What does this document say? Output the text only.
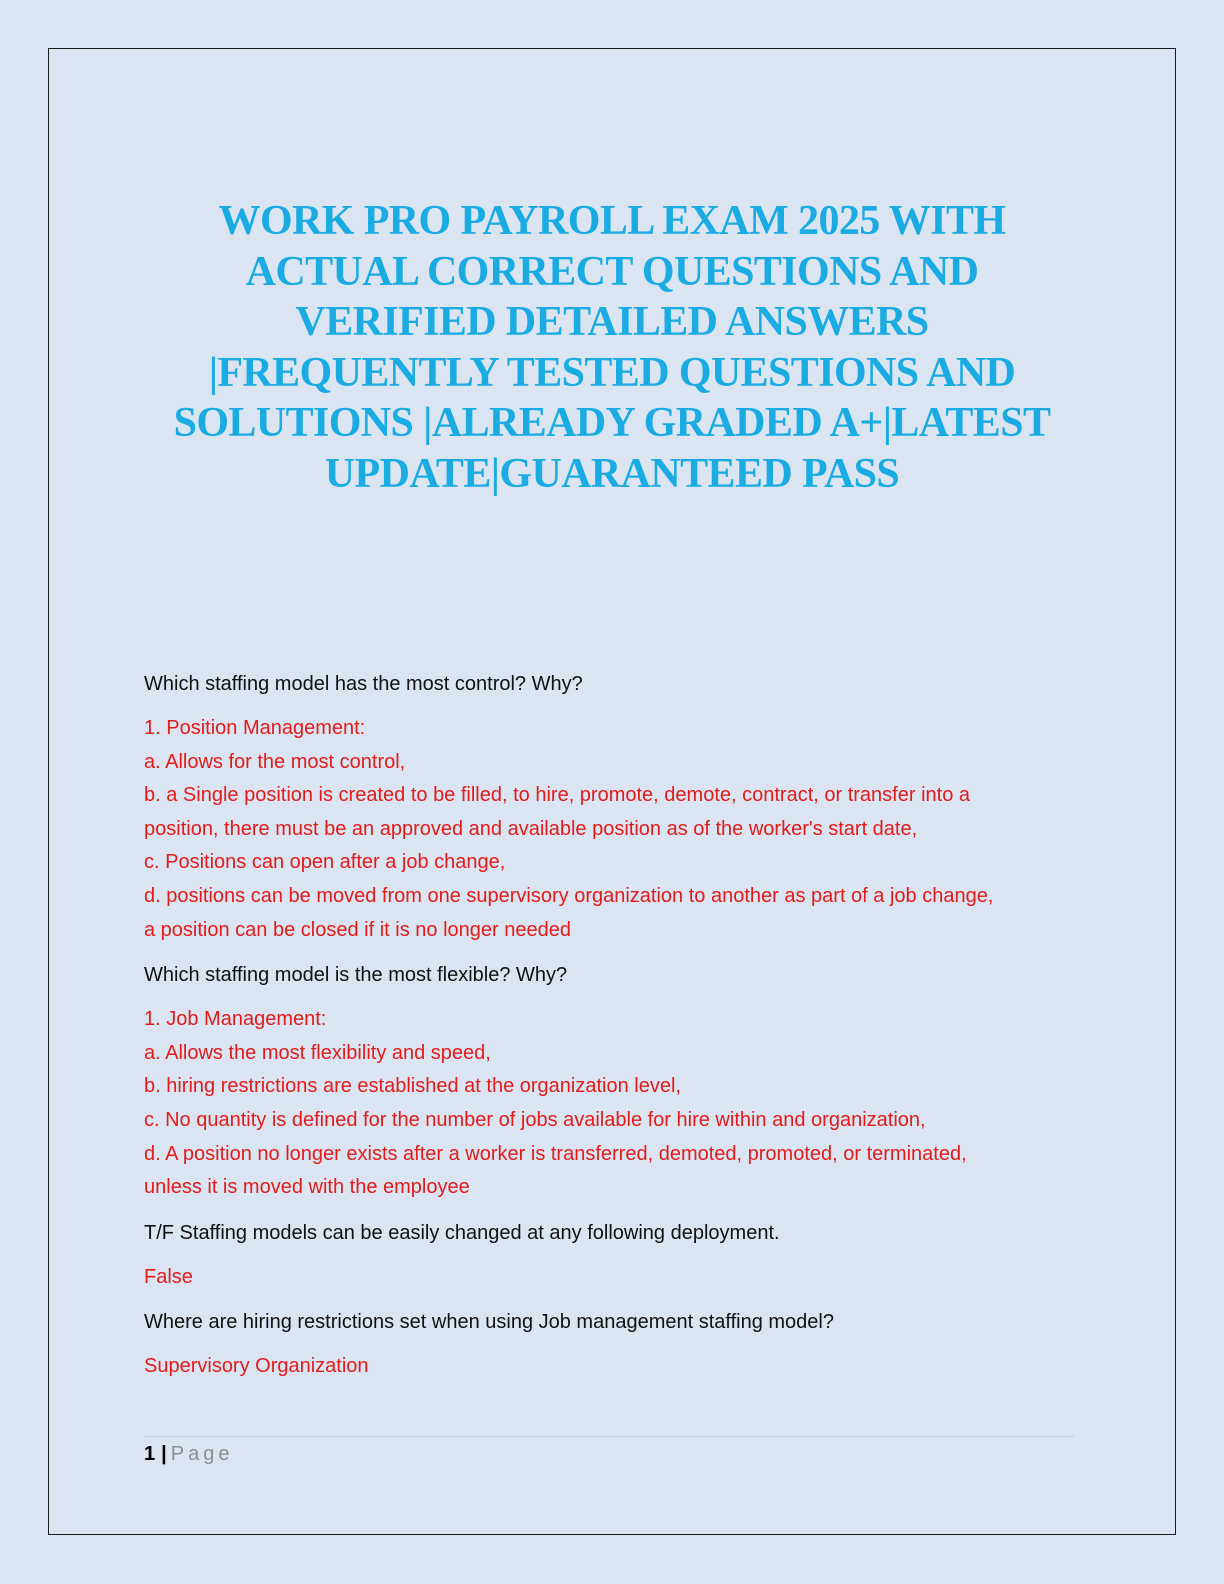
WORK PRO PAYROLL EXAM 2025 WITH
ACTUAL CORRECT QUESTIONS AND
VERIFIED DETAILED ANSWERS
|FREQUENTLY TESTED QUESTIONS AND
SOLUTIONS |ALREADY GRADED A+|LATEST
UPDATE|GUARANTEED PASS

Which staffing model has the most control? Why?

1. Position Management:
a. Allows for the most control,
b. a Single position is created to be filled, to hire, promote, demote, contract, or transfer into a
position, there must be an approved and available position as of the worker's start date,
c. Positions can open after a job change,
d. positions can be moved from one supervisory organization to another as part of a job change,
a position can be closed if it is no longer needed

Which staffing model is the most flexible? Why?

1. Job Management:
a. Allows the most flexibility and speed,
b. hiring restrictions are established at the organization level,
c. No quantity is defined for the number of jobs available for hire within and organization,
d. A position no longer exists after a worker is transferred, demoted, promoted, or terminated,
unless it is moved with the employee

T/F Staffing models can be easily changed at any following deployment.

False

Where are hiring restrictions set when using Job management staffing model?

Supervisory Organization
1 | Page
